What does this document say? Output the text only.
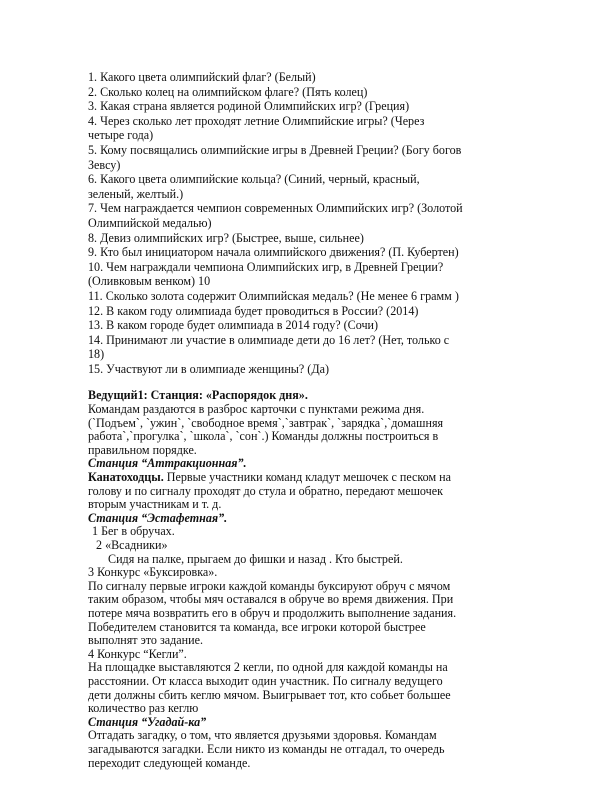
1. Какого цвета олимпийский флаг? (Белый)
2. Сколько колец на олимпийском флаге? (Пять колец)
3. Какая страна является родиной Олимпийских игр? (Греция)
4. Через сколько лет проходят летние Олимпийские игры? (Через
четыре года)
5. Кому посвящались олимпийские игры в Древней Греции? (Богу богов
Зевсу)
6. Какого цвета олимпийские кольца? (Синий, черный, красный,
зеленый, желтый.)
7. Чем награждается чемпион современных Олимпийских игр? (Золотой
Олимпийской медалью)
8. Девиз олимпийских игр? (Быстрее, выше, сильнее)
9. Кто был инициатором начала олимпийского движения? (П. Кубертен)
10. Чем награждали чемпиона Олимпийских игр, в Древней Греции?
(Оливковым венком) 10
11. Сколько золота содержит Олимпийская медаль? (Не менее 6 грамм )
12. В каком году олимпиада будет проводиться в России? (2014)
13. В каком городе будет олимпиада в 2014 году? (Сочи)
14. Принимают ли участие в олимпиаде дети до 16 лет? (Нет, только с
18)
15. Участвуют ли в олимпиаде женщины? (Да)
Ведущий1: Станция: «Распорядок дня».
Командам раздаются в разброс карточки с пунктами режима дня.
(`Подъем`, `ужин`, `свободное время`,`завтрак`, `зарядка`,`домашняя
работа`,`прогулка`, `школа`, `сон`.) Команды должны построиться в
правильном порядке.
Станция “Аттракционная”.
Канатоходцы. Первые участники команд кладут мешочек с песком на
голову и по сигналу проходят до стула и обратно, передают мешочек
вторым участникам и т. д.
Станция “Эстафетная”.
1 Бег в обручах.
2 «Всадники»
Сидя на палке, прыгаем до фишки и назад . Кто быстрей.
3 Конкурс «Буксировка».
По сигналу первые игроки каждой команды буксируют обруч с мячом
таким образом, чтобы мяч оставался в обруче во время движения. При
потере мяча возвратить его в обруч и продолжить выполнение задания.
Победителем становится та команда, все игроки которой быстрее
выполнят это задание.
4 Конкурс “Кегли”.
На площадке выставляются 2 кегли, по одной для каждой команды на
расстоянии. От класса выходит один участник. По сигналу ведущего
дети должны сбить кеглю мячом. Выигрывает тот, кто собьет большее
количество раз кеглю
Станция “Угадай-ка”
Отгадать загадку, о том, что является друзьями здоровья. Командам
загадываются загадки. Если никто из команды не отгадал, то очередь
переходит следующей команде.
